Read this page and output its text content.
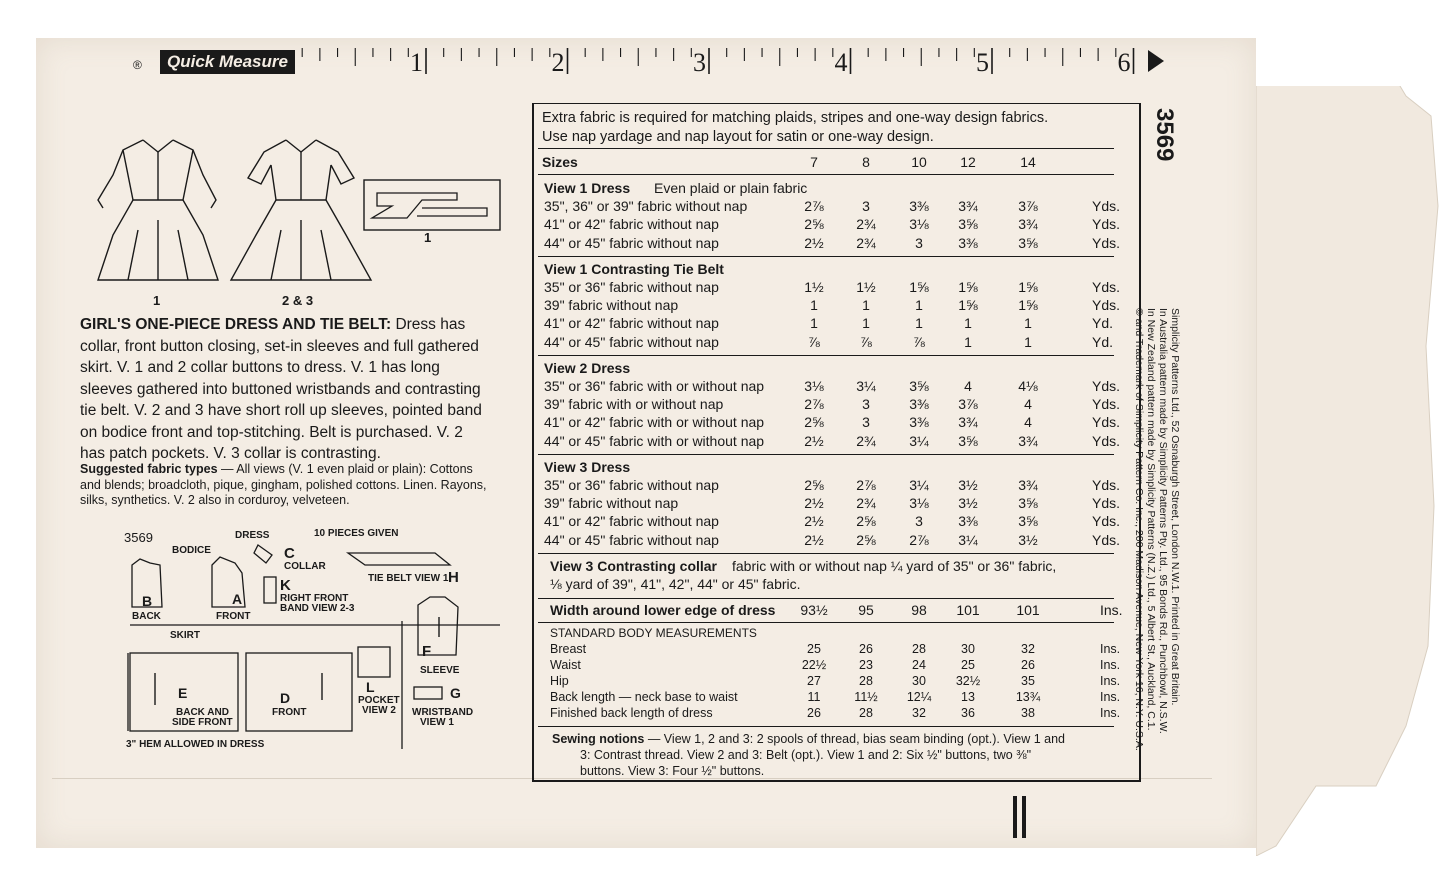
®	Quick Measure	1	2	3	4	5	6
1	2 & 3
1
GIRL'S ONE-PIECE DRESS AND TIE BELT: Dress has collar, front button closing, set-in sleeves and full gathered skirt. V. 1 and 2 collar buttons to dress. V. 1 has long sleeves gathered into buttoned wristbands and contrasting tie belt. V. 2 and 3 have short roll up sleeves, pointed band on bodice front and top-stitching. Belt is purchased. V. 2 has patch pockets. V. 3 collar is contrasting.
Suggested fabric types — All views (V. 1 even plaid or plain): Cottons and blends; broadcloth, pique, gingham, polished cottons. Linen. Rayons, silks, synthetics. V. 2 also in corduroy, velveteen.
3569
BODICE
DRESS	10 PIECES GIVEN
C
COLLAR
TIE BELT VIEW 1 H
B
BACK
A
FRONT
K
RIGHT FRONT
BAND VIEW 2-3
SKIRT
F
SLEEVE
E
BACK AND
SIDE FRONT
D
FRONT
L
POCKET
VIEW 2
G
WRISTBAND
VIEW 1
3" HEM ALLOWED IN DRESS
Extra fabric is required for matching plaids, stripes and one-way design fabrics.
Use nap yardage and nap layout for satin or one-way design.
Sizes	7	8	10	12	14
View 1 Dress Even plaid or plain fabric
35", 36" or 39" fabric without nap	2⅞	3	3⅜	3¾	3⅞	Yds.
41" or 42" fabric without nap	2⅝	2¾	3⅛	3⅝	3¾	Yds.
44" or 45" fabric without nap	2½	2¾	3	3⅜	3⅝	Yds.
View 1 Contrasting Tie Belt
35" or 36" fabric without nap	1½	1½	1⅝	1⅝	1⅝	Yds.
39" fabric without nap	1	1	1	1⅝	1⅝	Yds.
41" or 42" fabric without nap	1	1	1	1	1	Yd.
44" or 45" fabric without nap	⅞	⅞	⅞	1	1	Yd.
View 2 Dress
35" or 36" fabric with or without nap	3⅛	3¼	3⅝	4	4⅛	Yds.
39" fabric with or without nap	2⅞	3	3⅜	3⅞	4	Yds.
41" or 42" fabric with or without nap	2⅝	3	3⅜	3¾	4	Yds.
44" or 45" fabric with or without nap	2½	2¾	3¼	3⅝	3¾	Yds.
View 3 Dress
35" or 36" fabric without nap	2⅝	2⅞	3¼	3½	3¾	Yds.
39" fabric without nap	2½	2¾	3⅛	3½	3⅝	Yds.
41" or 42" fabric without nap	2½	2⅝	3	3⅜	3⅝	Yds.
44" or 45" fabric without nap	2½	2⅝	2⅞	3¼	3½	Yds.
View 3 Contrasting collar fabric with or without nap ¼ yard of 35" or 36" fabric,
⅛ yard of 39", 41", 42", 44" or 45" fabric.
Width around lower edge of dress	93½	95	98	101	101	Ins.
STANDARD BODY MEASUREMENTS
Breast	25	26	28	30	32	Ins.
Waist	22½	23	24	25	26	Ins.
Hip	27	28	30	32½	35	Ins.
Back length — neck base to waist	11	11½	12¼	13	13¾	Ins.
Finished back length of dress	26	28	32	36	38	Ins.
Sewing notions — View 1, 2 and 3: 2 spools of thread, bias seam binding (opt.). View 1 and
3: Contrast thread. View 2 and 3: Belt (opt.). View 1 and 2: Six ½" buttons, two ⅜"
buttons. View 3: Four ½" buttons.
3569
Simplicity Patterns Ltd., 52 Osnaburgh Street, London N.W.1. Printed in Great Britain.
In Australia pattern made by Simplicity Patterns Pty. Ltd., 95 Bonds Rd., Punchbowl, N.S.W.
In New Zealand pattern made by Simplicity Patterns (N.Z.) Ltd., 5 Albert St., Auckland, C.1.
© and Trademark of Simplicity Pattern Co. Inc., 200 Madison Avenue, New York 16, N.Y. U.S.A.
